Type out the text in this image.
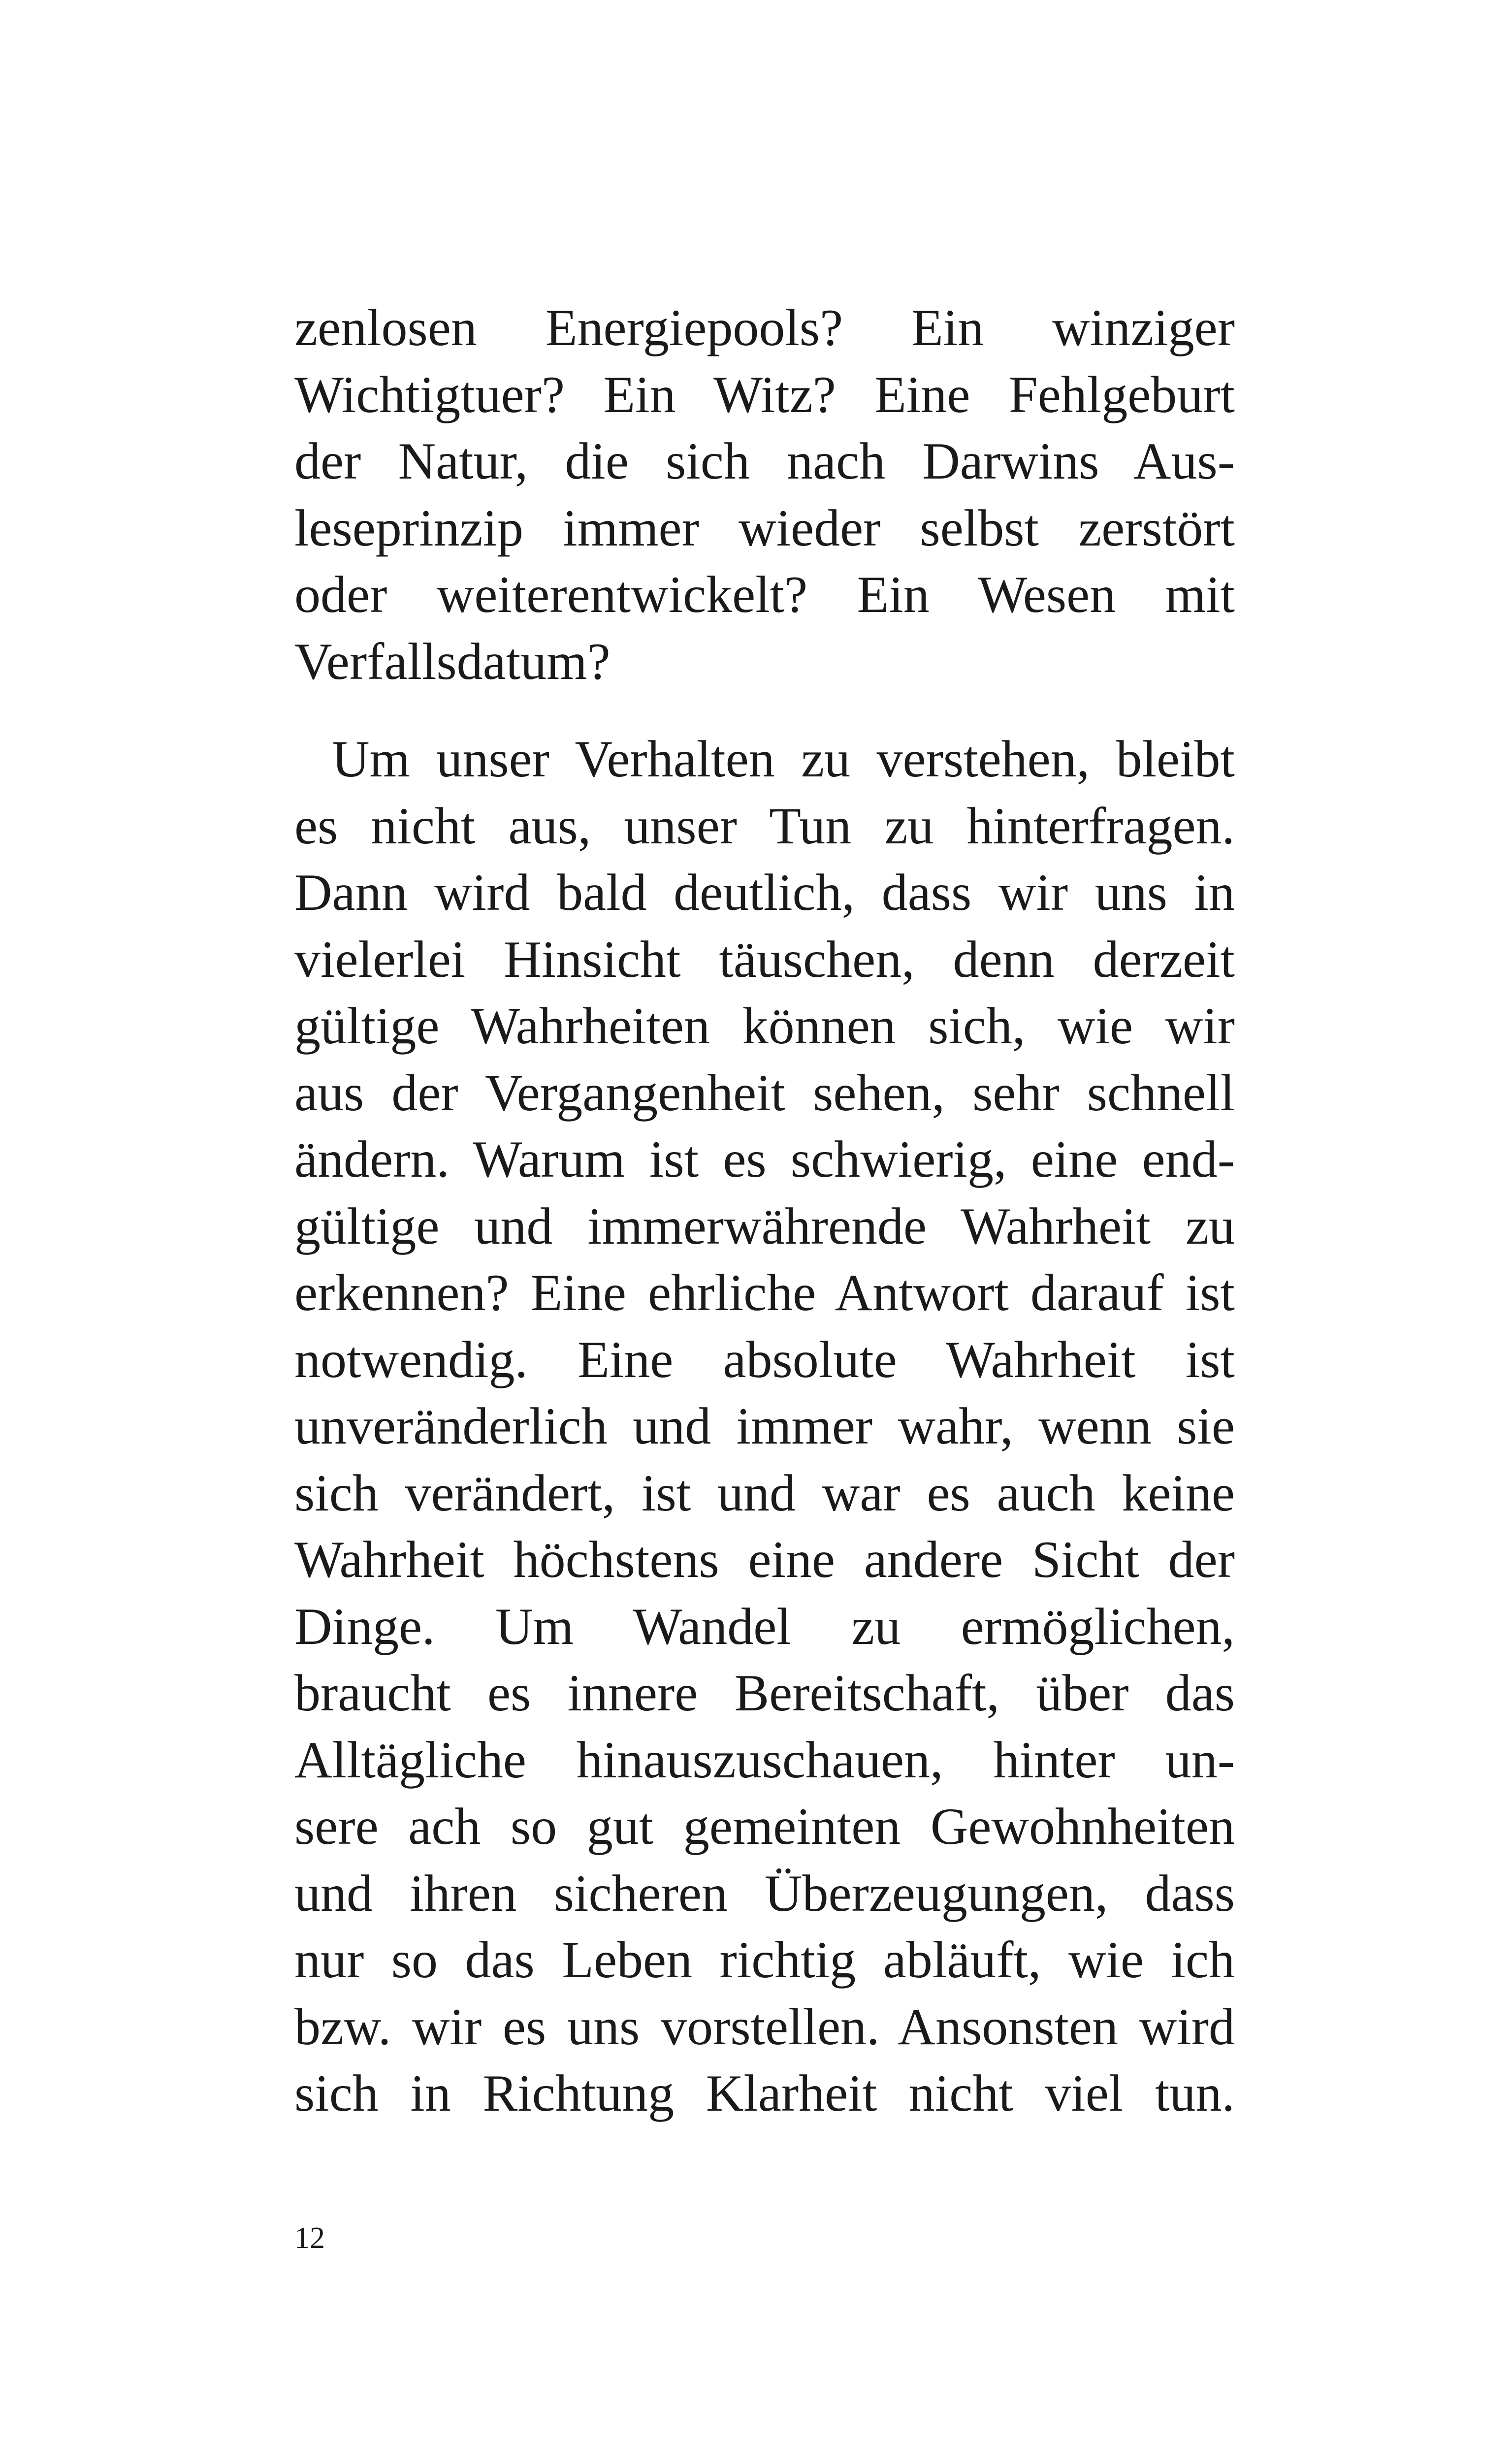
zenlosen Energiepools? Ein winziger
Wichtigtuer? Ein Witz? Eine Fehlgeburt
der Natur, die sich nach Darwins Aus-
leseprinzip immer wieder selbst zerstört
oder weiterentwickelt? Ein Wesen mit
Verfallsdatum?
Um unser Verhalten zu verstehen, bleibt
es nicht aus, unser Tun zu hinterfragen.
Dann wird bald deutlich, dass wir uns in
vielerlei Hinsicht täuschen, denn derzeit
gültige Wahrheiten können sich, wie wir
aus der Vergangenheit sehen, sehr schnell
ändern. Warum ist es schwierig, eine end-
gültige und immerwährende Wahrheit zu
erkennen? Eine ehrliche Antwort darauf ist
notwendig. Eine absolute Wahrheit ist
unveränderlich und immer wahr, wenn sie
sich verändert, ist und war es auch keine
Wahrheit höchstens eine andere Sicht der
Dinge. Um Wandel zu ermöglichen,
braucht es innere Bereitschaft, über das
Alltägliche hinauszuschauen, hinter un-
sere ach so gut gemeinten Gewohnheiten
und ihren sicheren Überzeugungen, dass
nur so das Leben richtig abläuft, wie ich
bzw. wir es uns vorstellen. Ansonsten wird
sich in Richtung Klarheit nicht viel tun.
12
